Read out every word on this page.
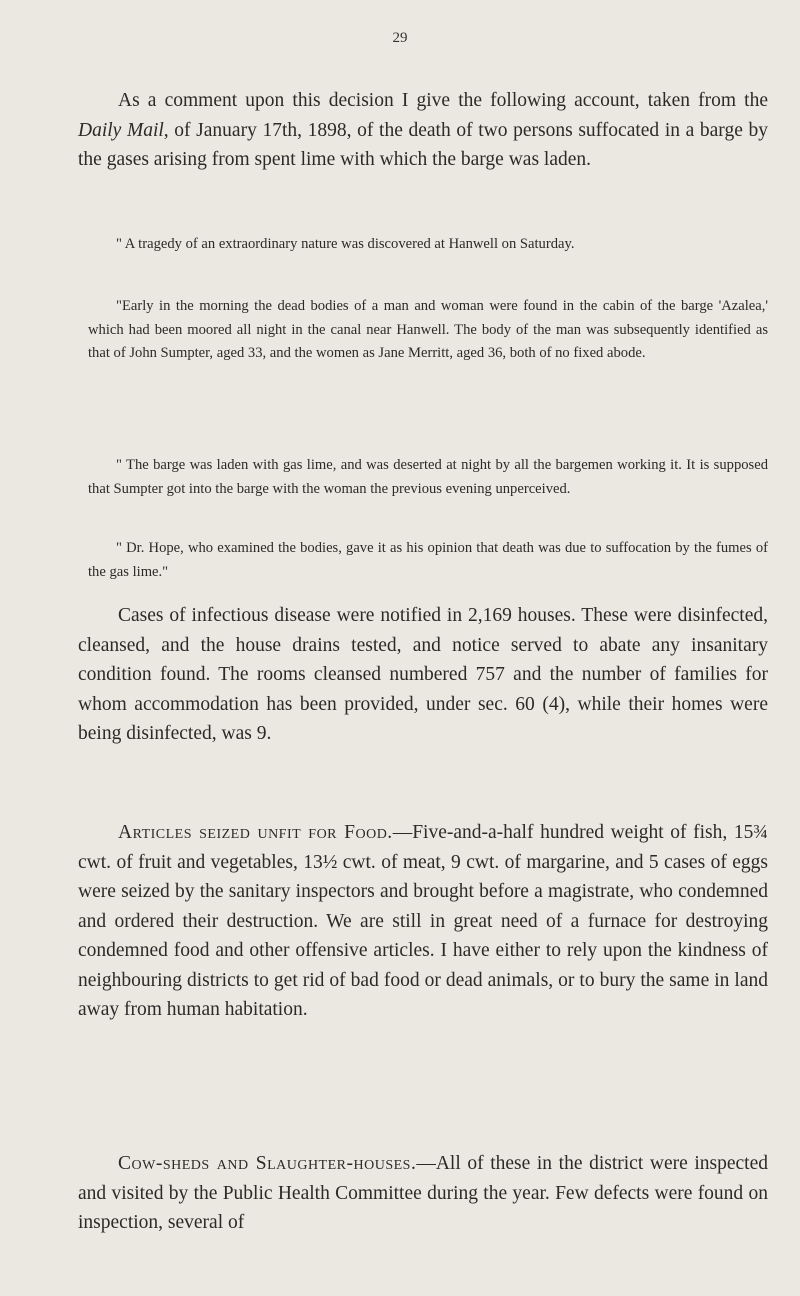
29

As a comment upon this decision I give the following account, taken from the Daily Mail, of January 17th, 1898, of the death of two persons suffocated in a barge by the gases arising from spent lime with which the barge was laden.

" A tragedy of an extraordinary nature was discovered at Hanwell on Saturday.
"Early in the morning the dead bodies of a man and woman were found in the cabin of the barge 'Azalea,' which had been moored all night in the canal near Hanwell. The body of the man was subsequently identified as that of John Sumpter, aged 33, and the women as Jane Merritt, aged 36, both of no fixed abode.
" The barge was laden with gas lime, and was deserted at night by all the bargemen working it. It is supposed that Sumpter got into the barge with the woman the previous evening unperceived.
" Dr. Hope, who examined the bodies, gave it as his opinion that death was due to suffocation by the fumes of the gas lime."
Cases of infectious disease were notified in 2,169 houses. These were disinfected, cleansed, and the house drains tested, and notice served to abate any insanitary condition found. The rooms cleansed numbered 757 and the number of families for whom accommodation has been provided, under sec. 60 (4), while their homes were being disinfected, was 9.

Articles seized unfit for Food.—Five-and-a-half hundred weight of fish, 15¾ cwt. of fruit and vegetables, 13½ cwt. of meat, 9 cwt. of margarine, and 5 cases of eggs were seized by the sanitary inspectors and brought before a magistrate, who condemned and ordered their destruction. We are still in great need of a furnace for destroying condemned food and other offensive articles. I have either to rely upon the kindness of neighbouring districts to get rid of bad food or dead animals, or to bury the same in land away from human habitation.

Cow-sheds and Slaughter-houses.—All of these in the district were inspected and visited by the Public Health Committee during the year. Few defects were found on inspection, several of
